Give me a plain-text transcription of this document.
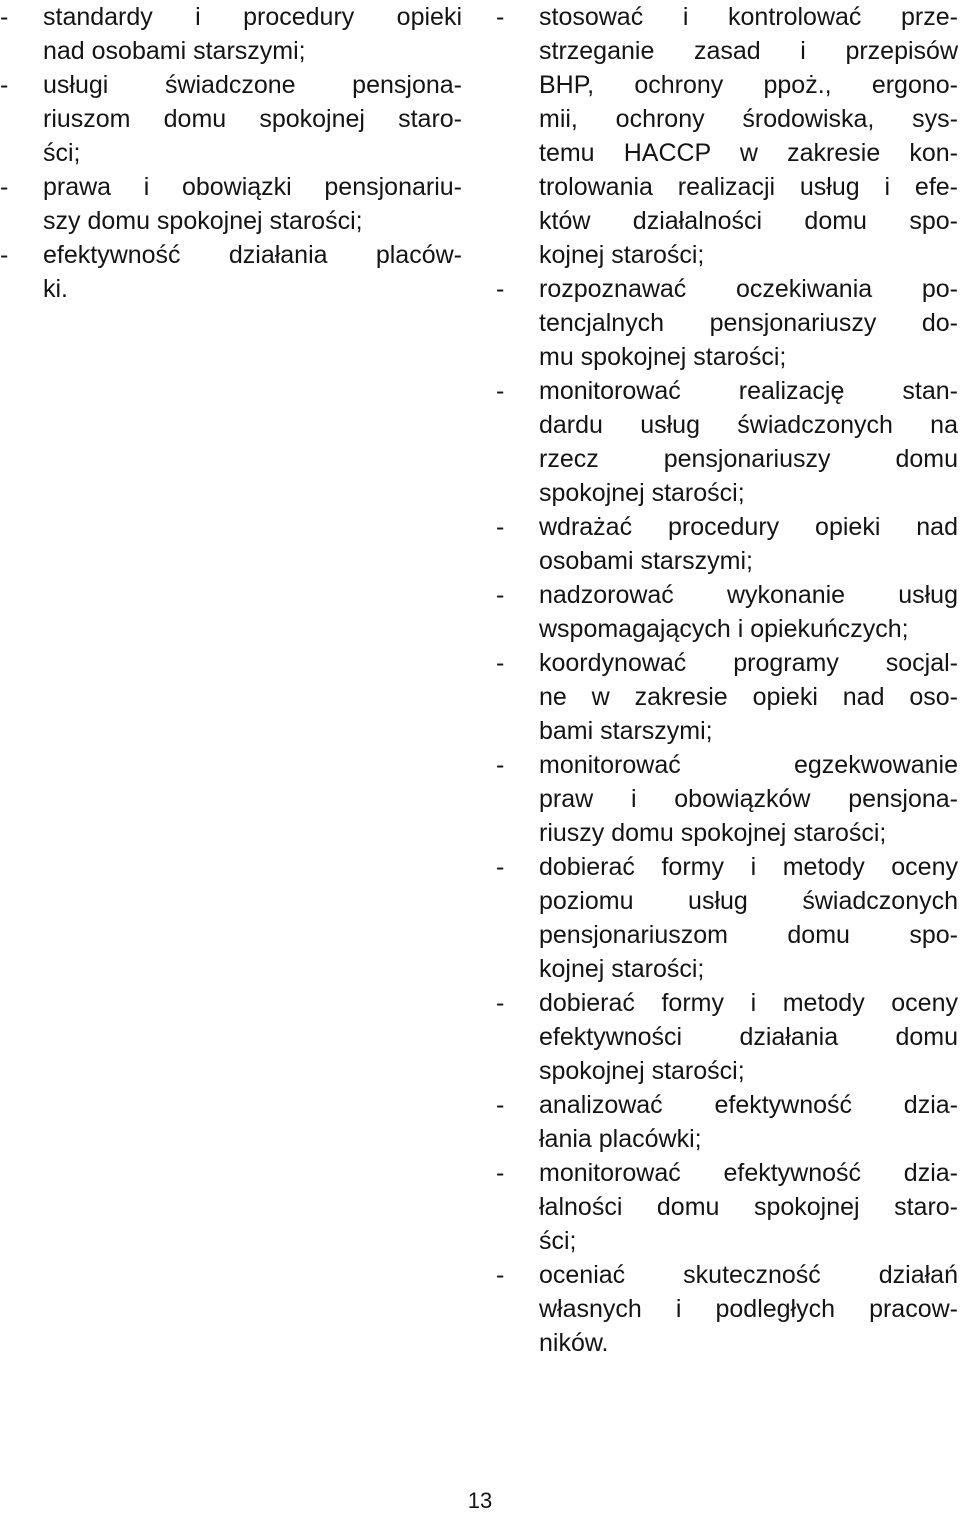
- standardy i procedury opieki
nad osobami starszymi;
- usługi świadczone pensjona-
riuszom domu spokojnej staro-
ści;
- prawa i obowiązki pensjonariu-
szy domu spokojnej starości;
- efektywność działania placów-
ki.
- stosować i kontrolować prze-
strzeganie zasad i przepisów
BHP, ochrony ppoż., ergono-
mii, ochrony środowiska, sys-
temu HACCP w zakresie kon-
trolowania realizacji usług i efe-
któw działalności domu spo-
kojnej starości;
- rozpoznawać oczekiwania po-
tencjalnych pensjonariuszy do-
mu spokojnej starości;
- monitorować realizację stan-
dardu usług świadczonych na
rzecz pensjonariuszy domu
spokojnej starości;
- wdrażać procedury opieki nad
osobami starszymi;
- nadzorować wykonanie usług
wspomagających i opiekuńczych;
- koordynować programy socjal-
ne w zakresie opieki nad oso-
bami starszymi;
- monitorować egzekwowanie
praw i obowiązków pensjona-
riuszy domu spokojnej starości;
- dobierać formy i metody oceny
poziomu usług świadczonych
pensjonariuszom domu spo-
kojnej starości;
- dobierać formy i metody oceny
efektywności działania domu
spokojnej starości;
- analizować efektywność dzia-
łania placówki;
- monitorować efektywność dzia-
łalności domu spokojnej staro-
ści;
- oceniać skuteczność działań
własnych i podległych pracow-
ników.
13
